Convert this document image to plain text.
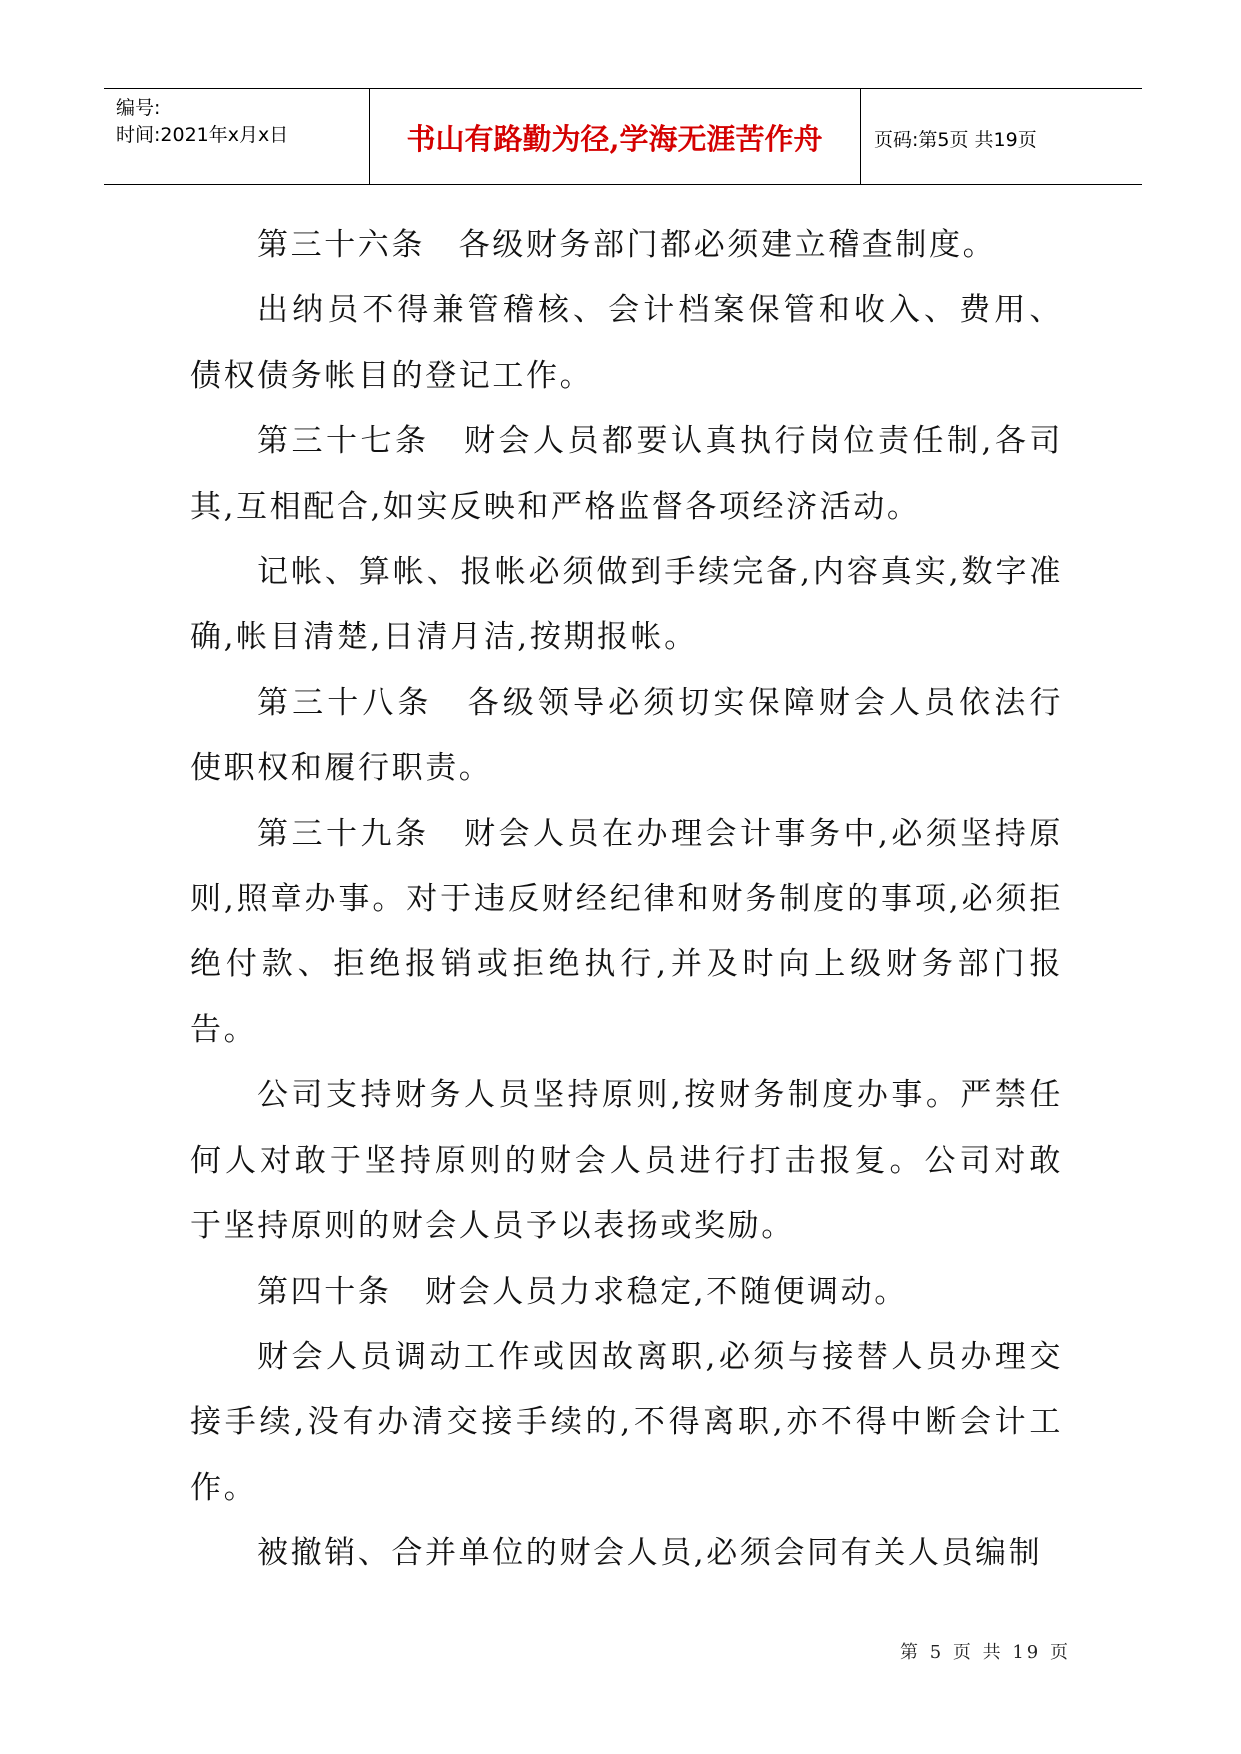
编号:
时间:2021年x月x日	书山有路勤为径,学海无涯苦作舟	页码:第5页 共19页

第三十六条　各级财务部门都必须建立稽查制度。

出纳员不得兼管稽核、会计档案保管和收入、费用、债权债务帐目的登记工作。

第三十七条　财会人员都要认真执行岗位责任制,各司其,互相配合,如实反映和严格监督各项经济活动。

记帐、算帐、报帐必须做到手续完备,内容真实,数字准确,帐目清楚,日清月洁,按期报帐。

第三十八条　各级领导必须切实保障财会人员依法行使职权和履行职责。

第三十九条　财会人员在办理会计事务中,必须坚持原则,照章办事。对于违反财经纪律和财务制度的事项,必须拒绝付款、拒绝报销或拒绝执行,并及时向上级财务部门报告。

公司支持财务人员坚持原则,按财务制度办事。严禁任何人对敢于坚持原则的财会人员进行打击报复。公司对敢于坚持原则的财会人员予以表扬或奖励。

第四十条　财会人员力求稳定,不随便调动。

财会人员调动工作或因故离职,必须与接替人员办理交接手续,没有办清交接手续的,不得离职,亦不得中断会计工作。

被撤销、合并单位的财会人员,必须会同有关人员编制

第 5 页 共 19 页
